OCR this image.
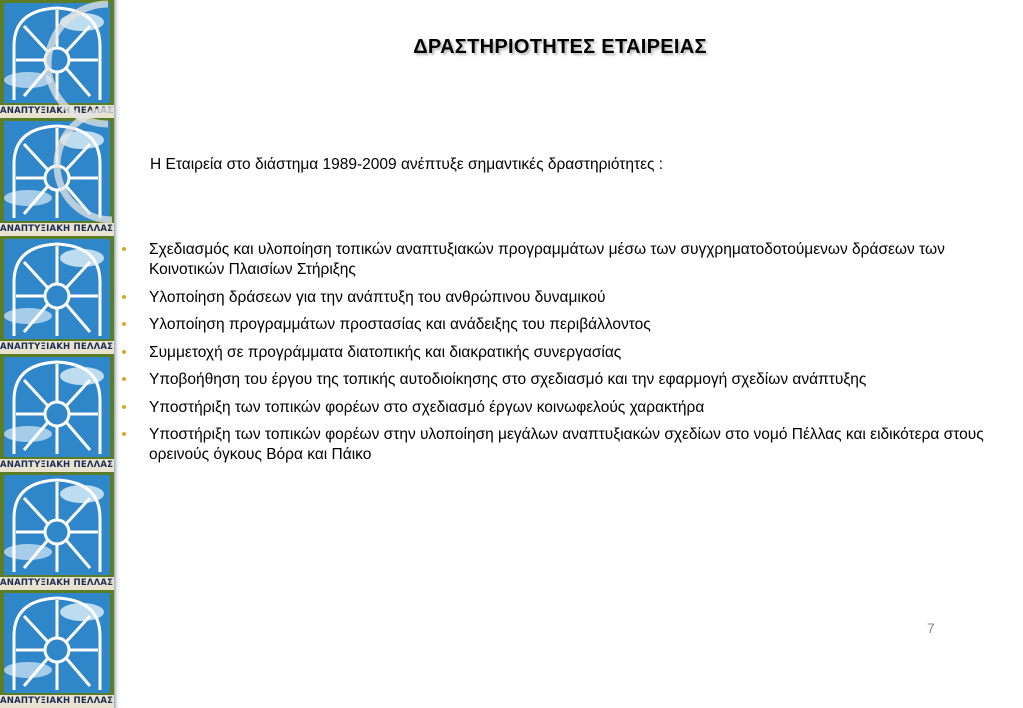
ΑΝΑΠΤΥΞΙΑΚΗ ΠΕΛΛΑΣ
ΑΝΑΠΤΥΞΙΑΚΗ ΠΕΛΛΑΣ
ΑΝΑΠΤΥΞΙΑΚΗ ΠΕΛΛΑΣ
ΑΝΑΠΤΥΞΙΑΚΗ ΠΕΛΛΑΣ
ΑΝΑΠΤΥΞΙΑΚΗ ΠΕΛΛΑΣ
ΑΝΑΠΤΥΞΙΑΚΗ ΠΕΛΛΑΣ
ΔΡΑΣΤΗΡΙΟΤΗΤΕΣ ΕΤΑΙΡΕΙΑΣ
Η Εταιρεία στο διάστημα 1989-2009 ανέπτυξε σημαντικές δραστηριότητες :
• Σχεδιασμός και υλοποίηση τοπικών αναπτυξιακών προγραμμάτων μέσω των συγχρηματοδοτούμενων δράσεων των Κοινοτικών Πλαισίων Στήριξης
• Υλοποίηση δράσεων για την ανάπτυξη του ανθρώπινου δυναμικού
• Υλοποίηση προγραμμάτων προστασίας και ανάδειξης του περιβάλλοντος
• Συμμετοχή σε προγράμματα διατοπικής και διακρατικής συνεργασίας
• Υποβοήθηση του έργου της τοπικής αυτοδιοίκησης στο σχεδιασμό και την εφαρμογή σχεδίων ανάπτυξης
• Υποστήριξη των τοπικών φορέων στο σχεδιασμό έργων κοινωφελούς χαρακτήρα
• Υποστήριξη των τοπικών φορέων στην υλοποίηση μεγάλων αναπτυξιακών σχεδίων στο νομό Πέλλας και ειδικότερα στους ορεινούς όγκους Βόρα και Πάικο
7
